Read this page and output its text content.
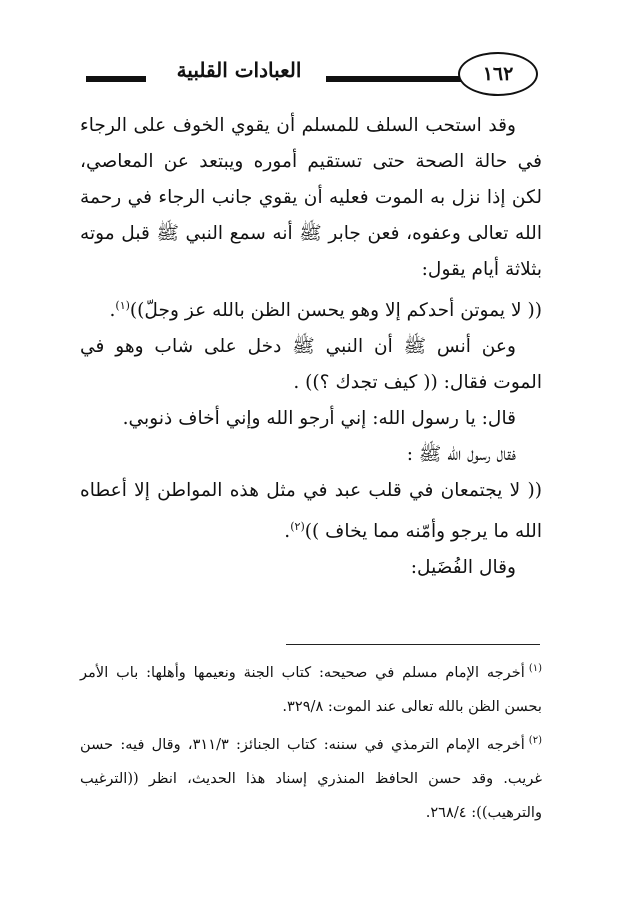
العبادات القلبية	١٦٢

وقد استحب السلف للمسلم أن يقوي الخوف على الرجاء في حالة الصحة حتى تستقيم أموره ويبتعد عن المعاصي، لكن إذا نزل به الموت فعليه أن يقوي جانب الرجاء في رحمة الله تعالى وعفوه، فعن جابر ﷺ أنه سمع النبي ﷺ قبل موته بثلاثة أيام يقول:

(( لا يموتن أحدكم إلا وهو يحسن الظن بالله عز وجلّ))$^{(١)}$.

وعن أنس ﷺ أن النبي ﷺ دخل على شاب وهو في الموت فقال: (( كيف تجدك ؟)) .

قال: يا رسول الله: إني أرجو الله وإني أخاف ذنوبي.

فقال رسول الله ﷺ :

(( لا يجتمعان في قلب عبد في مثل هذه المواطن إلا أعطاه الله ما يرجو وأمّنه مما يخاف ))$^{(٢)}$.

وقال الفُضَيل:

$^{(١)}$أخرجه الإمام مسلم في صحيحه: كتاب الجنة ونعيمها وأهلها: باب الأمر بحسن الظن بالله تعالى عند الموت: ٣٢٩/٨.

$^{(٢)}$أخرجه الإمام الترمذي في سننه: كتاب الجنائز: ٣١١/٣، وقال فيه: حسن غريب. وقد حسن الحافظ المنذري إسناد هذا الحديث، انظر ((الترغيب والترهيب)): ٢٦٨/٤.
